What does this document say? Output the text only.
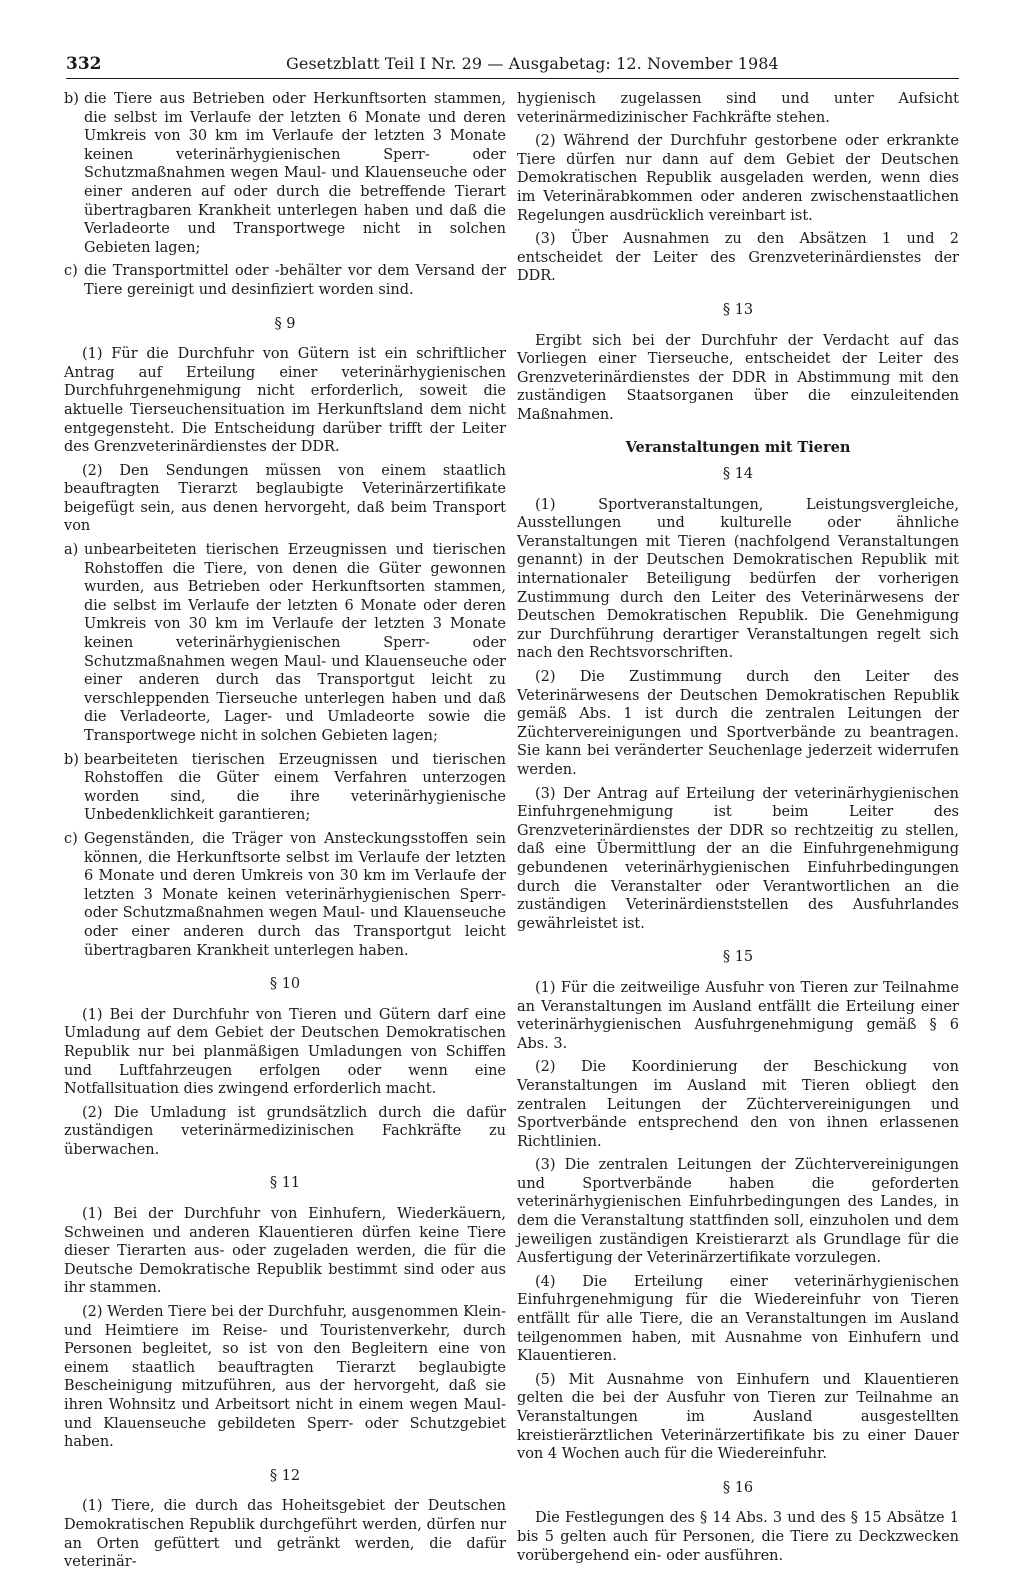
332	Gesetzblatt Teil I Nr. 29 — Ausgabetag: 12. November 1984

b) die Tiere aus Betrieben oder Herkunftsorten stammen, die selbst im Verlaufe der letzten 6 Monate und deren Umkreis von 30 km im Verlaufe der letzten 3 Monate keinen veterinärhygienischen Sperr- oder Schutzmaßnahmen wegen Maul- und Klauenseuche oder einer anderen auf oder durch die betreffende Tierart übertragbaren Krankheit unterlegen haben und daß die Verladeorte und Transportwege nicht in solchen Gebieten lagen;

c) die Transportmittel oder -behälter vor dem Versand der Tiere gereinigt und desinfiziert worden sind.

§ 9

(1) Für die Durchfuhr von Gütern ist ein schriftlicher Antrag auf Erteilung einer veterinärhygienischen Durchfuhrgenehmigung nicht erforderlich, soweit die aktuelle Tierseuchensituation im Herkunftsland dem nicht entgegensteht. Die Entscheidung darüber trifft der Leiter des Grenzveterinärdienstes der DDR.

(2) Den Sendungen müssen von einem staatlich beauftragten Tierarzt beglaubigte Veterinärzertifikate beigefügt sein, aus denen hervorgeht, daß beim Transport von

a) unbearbeiteten tierischen Erzeugnissen und tierischen Rohstoffen die Tiere, von denen die Güter gewonnen wurden, aus Betrieben oder Herkunftsorten stammen, die selbst im Verlaufe der letzten 6 Monate oder deren Umkreis von 30 km im Verlaufe der letzten 3 Monate keinen veterinärhygienischen Sperr- oder Schutzmaßnahmen wegen Maul- und Klauenseuche oder einer anderen durch das Transportgut leicht zu verschleppenden Tierseuche unterlegen haben und daß die Verladeorte, Lager- und Umladeorte sowie die Transportwege nicht in solchen Gebieten lagen;

b) bearbeiteten tierischen Erzeugnissen und tierischen Rohstoffen die Güter einem Verfahren unterzogen worden sind, die ihre veterinärhygienische Unbedenklichkeit garantieren;

c) Gegenständen, die Träger von Ansteckungsstoffen sein können, die Herkunftsorte selbst im Verlaufe der letzten 6 Monate und deren Umkreis von 30 km im Verlaufe der letzten 3 Monate keinen veterinärhygienischen Sperr- oder Schutzmaßnahmen wegen Maul- und Klauenseuche oder einer anderen durch das Transportgut leicht übertragbaren Krankheit unterlegen haben.

§ 10

(1) Bei der Durchfuhr von Tieren und Gütern darf eine Umladung auf dem Gebiet der Deutschen Demokratischen Republik nur bei planmäßigen Umladungen von Schiffen und Luftfahrzeugen erfolgen oder wenn eine Notfallsituation dies zwingend erforderlich macht.

(2) Die Umladung ist grundsätzlich durch die dafür zuständigen veterinärmedizinischen Fachkräfte zu überwachen.

§ 11

(1) Bei der Durchfuhr von Einhufern, Wiederkäuern, Schweinen und anderen Klauentieren dürfen keine Tiere dieser Tierarten aus- oder zugeladen werden, die für die Deutsche Demokratische Republik bestimmt sind oder aus ihr stammen.

(2) Werden Tiere bei der Durchfuhr, ausgenommen Klein- und Heimtiere im Reise- und Touristenverkehr, durch Personen begleitet, so ist von den Begleitern eine von einem staatlich beauftragten Tierarzt beglaubigte Bescheinigung mitzuführen, aus der hervorgeht, daß sie ihren Wohnsitz und Arbeitsort nicht in einem wegen Maul- und Klauenseuche gebildeten Sperr- oder Schutzgebiet haben.

§ 12

(1) Tiere, die durch das Hoheitsgebiet der Deutschen Demokratischen Republik durchgeführt werden, dürfen nur an Orten gefüttert und getränkt werden, die dafür veterinär-

hygienisch zugelassen sind und unter Aufsicht veterinärmedizinischer Fachkräfte stehen.

(2) Während der Durchfuhr gestorbene oder erkrankte Tiere dürfen nur dann auf dem Gebiet der Deutschen Demokratischen Republik ausgeladen werden, wenn dies im Veterinärabkommen oder anderen zwischenstaatlichen Regelungen ausdrücklich vereinbart ist.

(3) Über Ausnahmen zu den Absätzen 1 und 2 entscheidet der Leiter des Grenzveterinärdienstes der DDR.

§ 13

Ergibt sich bei der Durchfuhr der Verdacht auf das Vorliegen einer Tierseuche, entscheidet der Leiter des Grenzveterinärdienstes der DDR in Abstimmung mit den zuständigen Staatsorganen über die einzuleitenden Maßnahmen.

Veranstaltungen mit Tieren
§ 14

(1) Sportveranstaltungen, Leistungsvergleiche, Ausstellungen und kulturelle oder ähnliche Veranstaltungen mit Tieren (nachfolgend Veranstaltungen genannt) in der Deutschen Demokratischen Republik mit internationaler Beteiligung bedürfen der vorherigen Zustimmung durch den Leiter des Veterinärwesens der Deutschen Demokratischen Republik. Die Genehmigung zur Durchführung derartiger Veranstaltungen regelt sich nach den Rechtsvorschriften.

(2) Die Zustimmung durch den Leiter des Veterinärwesens der Deutschen Demokratischen Republik gemäß Abs. 1 ist durch die zentralen Leitungen der Züchtervereinigungen und Sportverbände zu beantragen. Sie kann bei veränderter Seuchenlage jederzeit widerrufen werden.

(3) Der Antrag auf Erteilung der veterinärhygienischen Einfuhrgenehmigung ist beim Leiter des Grenzveterinärdienstes der DDR so rechtzeitig zu stellen, daß eine Übermittlung der an die Einfuhrgenehmigung gebundenen veterinärhygienischen Einfuhrbedingungen durch die Veranstalter oder Verantwortlichen an die zuständigen Veterinärdienststellen des Ausfuhrlandes gewährleistet ist.

§ 15

(1) Für die zeitweilige Ausfuhr von Tieren zur Teilnahme an Veranstaltungen im Ausland entfällt die Erteilung einer veterinärhygienischen Ausfuhrgenehmigung gemäß § 6 Abs. 3.

(2) Die Koordinierung der Beschickung von Veranstaltungen im Ausland mit Tieren obliegt den zentralen Leitungen der Züchtervereinigungen und Sportverbände entsprechend den von ihnen erlassenen Richtlinien.

(3) Die zentralen Leitungen der Züchtervereinigungen und Sportverbände haben die geforderten veterinärhygienischen Einfuhrbedingungen des Landes, in dem die Veranstaltung stattfinden soll, einzuholen und dem jeweiligen zuständigen Kreistierarzt als Grundlage für die Ausfertigung der Veterinärzertifikate vorzulegen.

(4) Die Erteilung einer veterinärhygienischen Einfuhrgenehmigung für die Wiedereinfuhr von Tieren entfällt für alle Tiere, die an Veranstaltungen im Ausland teilgenommen haben, mit Ausnahme von Einhufern und Klauentieren.

(5) Mit Ausnahme von Einhufern und Klauentieren gelten die bei der Ausfuhr von Tieren zur Teilnahme an Veranstaltungen im Ausland ausgestellten kreistierärztlichen Veterinärzertifikate bis zu einer Dauer von 4 Wochen auch für die Wiedereinfuhr.

§ 16

Die Festlegungen des § 14 Abs. 3 und des § 15 Absätze 1 bis 5 gelten auch für Personen, die Tiere zu Deckzwecken vorübergehend ein- oder ausführen.
